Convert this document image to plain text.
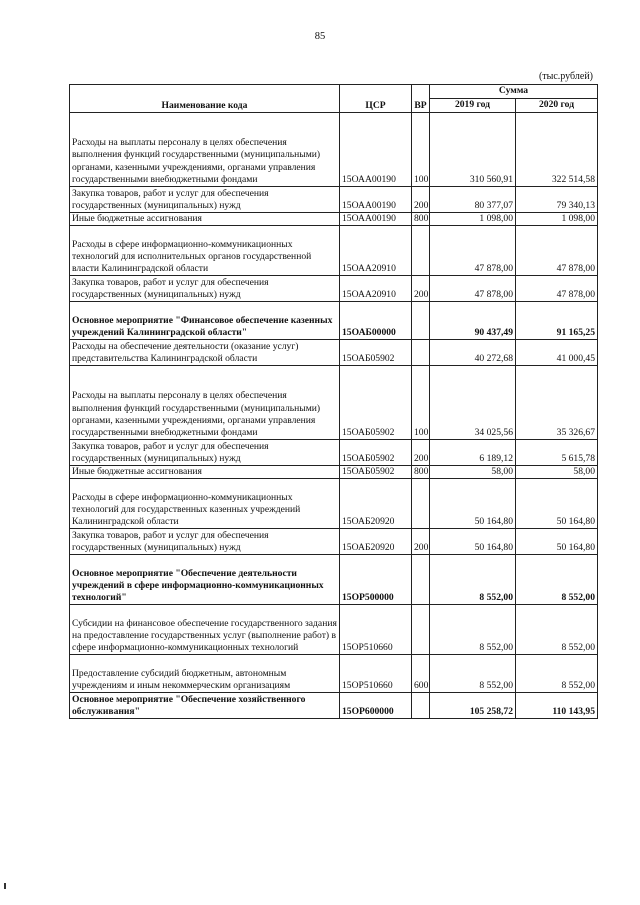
85
(тыс.рублей)
Наименование кода	ЦСР	ВР	Сумма	
			2019 год	2020 год
Расходы на выплаты персоналу в целях обеспечения выполнения функций государственными (муниципальными) органами, казенными учреждениями, органами управления государственными внебюджетными фондами	15ОАА00190	100	310 560,91	322 514,58
Закупка товаров, работ и услуг для обеспечения государственных (муниципальных) нужд	15ОАА00190	200	80 377,07	79 340,13
Иные бюджетные ассигнования	15ОАА00190	800	1 098,00	1 098,00
Расходы в сфере информационно-коммуникационных технологий для исполнительных органов государственной власти Калининградской области	15ОАА20910		47 878,00	47 878,00
Закупка товаров, работ и услуг для обеспечения государственных (муниципальных) нужд	15ОАА20910	200	47 878,00	47 878,00
Основное мероприятие "Финансовое обеспечение казенных учреждений Калининградской области"	15ОАБ00000		90 437,49	91 165,25
Расходы на обеспечение деятельности (оказание услуг) представительства Калининградской области	15ОАБ05902		40 272,68	41 000,45
Расходы на выплаты персоналу в целях обеспечения выполнения функций государственными (муниципальными) органами, казенными учреждениями, органами управления государственными внебюджетными фондами	15ОАБ05902	100	34 025,56	35 326,67
Закупка товаров, работ и услуг для обеспечения государственных (муниципальных) нужд	15ОАБ05902	200	6 189,12	5 615,78
Иные бюджетные ассигнования	15ОАБ05902	800	58,00	58,00
Расходы в сфере информационно-коммуникационных технологий для государственных казенных учреждений Калининградской области	15ОАБ20920		50 164,80	50 164,80
Закупка товаров, работ и услуг для обеспечения государственных (муниципальных) нужд	15ОАБ20920	200	50 164,80	50 164,80
Основное мероприятие "Обеспечение деятельности учреждений в сфере информационно-коммуникационных технологий"	15ОР500000		8 552,00	8 552,00
Субсидии на финансовое обеспечение государственного задания на предоставление государственных услуг (выполнение работ) в сфере информационно-коммуникационных технологий	15ОР510660		8 552,00	8 552,00
Предоставление субсидий бюджетным, автономным учреждениям и иным некоммерческим организациям	15ОР510660	600	8 552,00	8 552,00
Основное мероприятие "Обеспечение хозяйственного обслуживания"	15ОР600000		105 258,72	110 143,95
